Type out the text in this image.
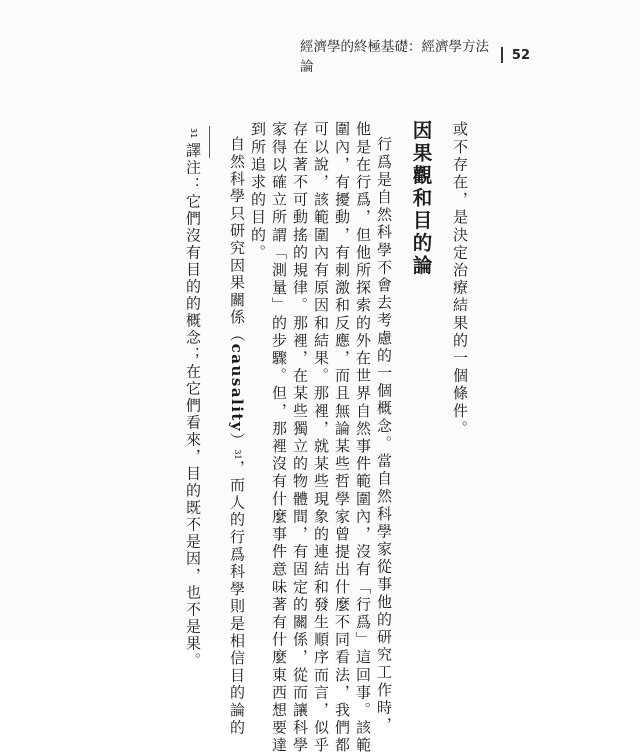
經濟學的終極基礎：經濟學方法論
52
或不存在，是決定治療結果的一個條件。
因果觀和目的論
行爲是自然科學不會去考慮的一個概念。當自然科學家從事他的研究工作時，
他是在行爲，但他所探索的外在世界自然事件範圍內，沒有「行爲」這回事。該範
圍內，有擾動，有刺激和反應，而且無論某些哲學家曾提出什麼不同看法，我們都
可以說，該範圍內有原因和結果。那裡，就某些現象的連結和發生順序而言，似乎
存在著不可動搖的規律。那裡，在某些獨立的物體間，有固定的關係，從而讓科學
家得以確立所謂「測量」的步驟。但，那裡沒有什麼事件意味著有什麼東西想要達
到所追求的目的。
自然科學只研究因果關係（causality）31，而人的行爲科學則是相信目的論的
31譯注：它們沒有目的的概念；在它們看來，目的既不是因，也不是果。
